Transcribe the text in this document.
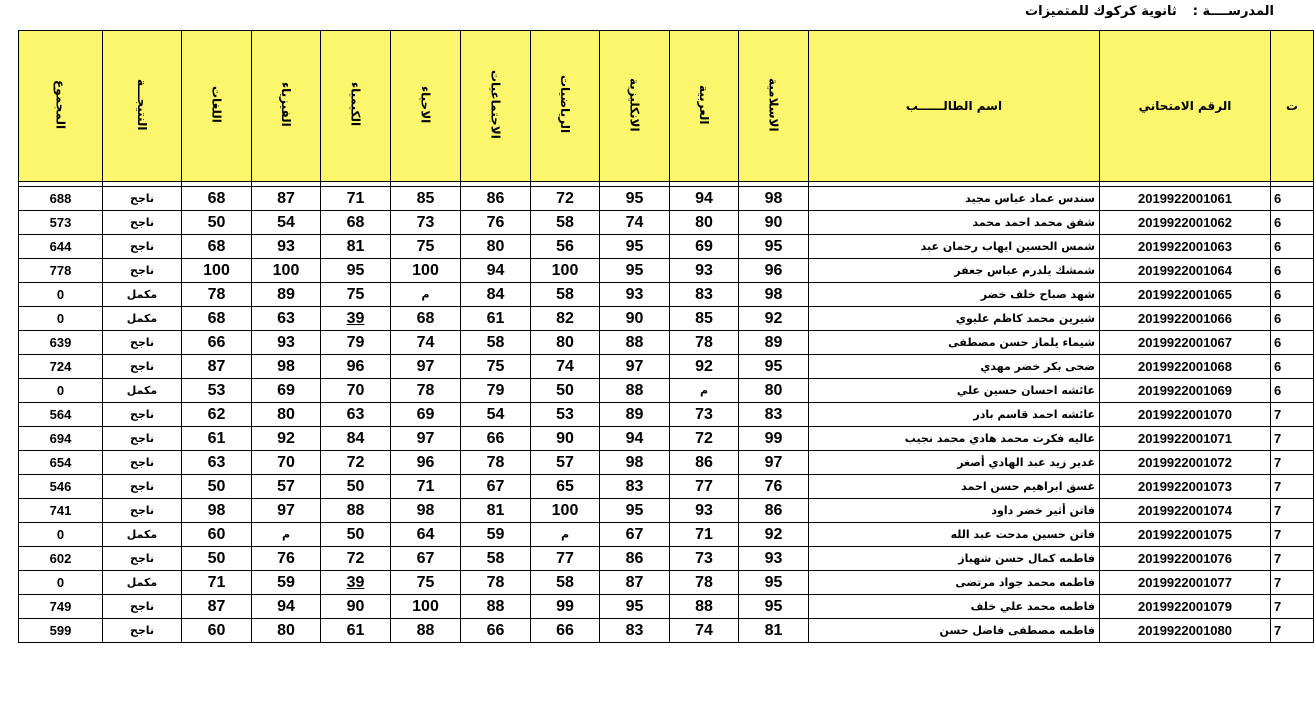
المدرســــة :ثانوية كركوك للمتميزات
المجموع	النتيجـــة	اللغات	الفيزياء	الكيمياء	الاحياء	الاجتماعيات	الرياضيات	الانكليزية	العربية	الاسلامية	اسم الطالــــــب	الرقم الامتحاني	ت

688	ناجح	68	87	71	85	86	72	95	94	98	سندس عماد عباس مجيد	2019922001061	6
573	ناجح	50	54	68	73	76	58	74	80	90	شفق محمد احمد محمد	2019922001062	6
644	ناجح	68	93	81	75	80	56	95	69	95	شمس الحسين ايهاب رحمان عبد	2019922001063	6
778	ناجح	100	100	95	100	94	100	95	93	96	شمشك يلدرم عباس جعفر	2019922001064	6
0	مكمل	78	89	75	م	84	58	93	83	98	شهد صباح خلف خضر	2019922001065	6
0	مكمل	68	63	39	68	61	82	90	85	92	شيرين محمد كاظم عليوي	2019922001066	6
639	ناجح	66	93	79	74	58	80	88	78	89	شيماء يلماز حسن مصطفى	2019922001067	6
724	ناجح	87	98	96	97	75	74	97	92	95	ضحى بكر خضر مهدي	2019922001068	6
0	مكمل	53	69	70	78	79	50	88	م	80	عائشه احسان حسين علي	2019922001069	6
564	ناجح	62	80	63	69	54	53	89	73	83	عائشه احمد قاسم بادر	2019922001070	7
694	ناجح	61	92	84	97	66	90	94	72	99	عاليه فكرت محمد هادي محمد نجيب	2019922001071	7
654	ناجح	63	70	72	96	78	57	98	86	97	غدير زيد عبد الهادي أصغر	2019922001072	7
546	ناجح	50	57	50	71	67	65	83	77	76	غسق ابراهيم حسن احمد	2019922001073	7
741	ناجح	98	97	88	98	81	100	95	93	86	فاتن أثير خضر داود	2019922001074	7
0	مكمل	60	م	50	64	59	م	67	71	92	فاتن حسين مدحت عبد الله	2019922001075	7
602	ناجح	50	76	72	67	58	77	86	73	93	فاطمه كمال حسن شهباز	2019922001076	7
0	مكمل	71	59	39	75	78	58	87	78	95	فاطمه محمد جواد مرتضى	2019922001077	7
749	ناجح	87	94	90	100	88	99	95	88	95	فاطمه محمد علي خلف	2019922001079	7
599	ناجح	60	80	61	88	66	66	83	74	81	فاطمه مصطفى فاضل حسن	2019922001080	7
